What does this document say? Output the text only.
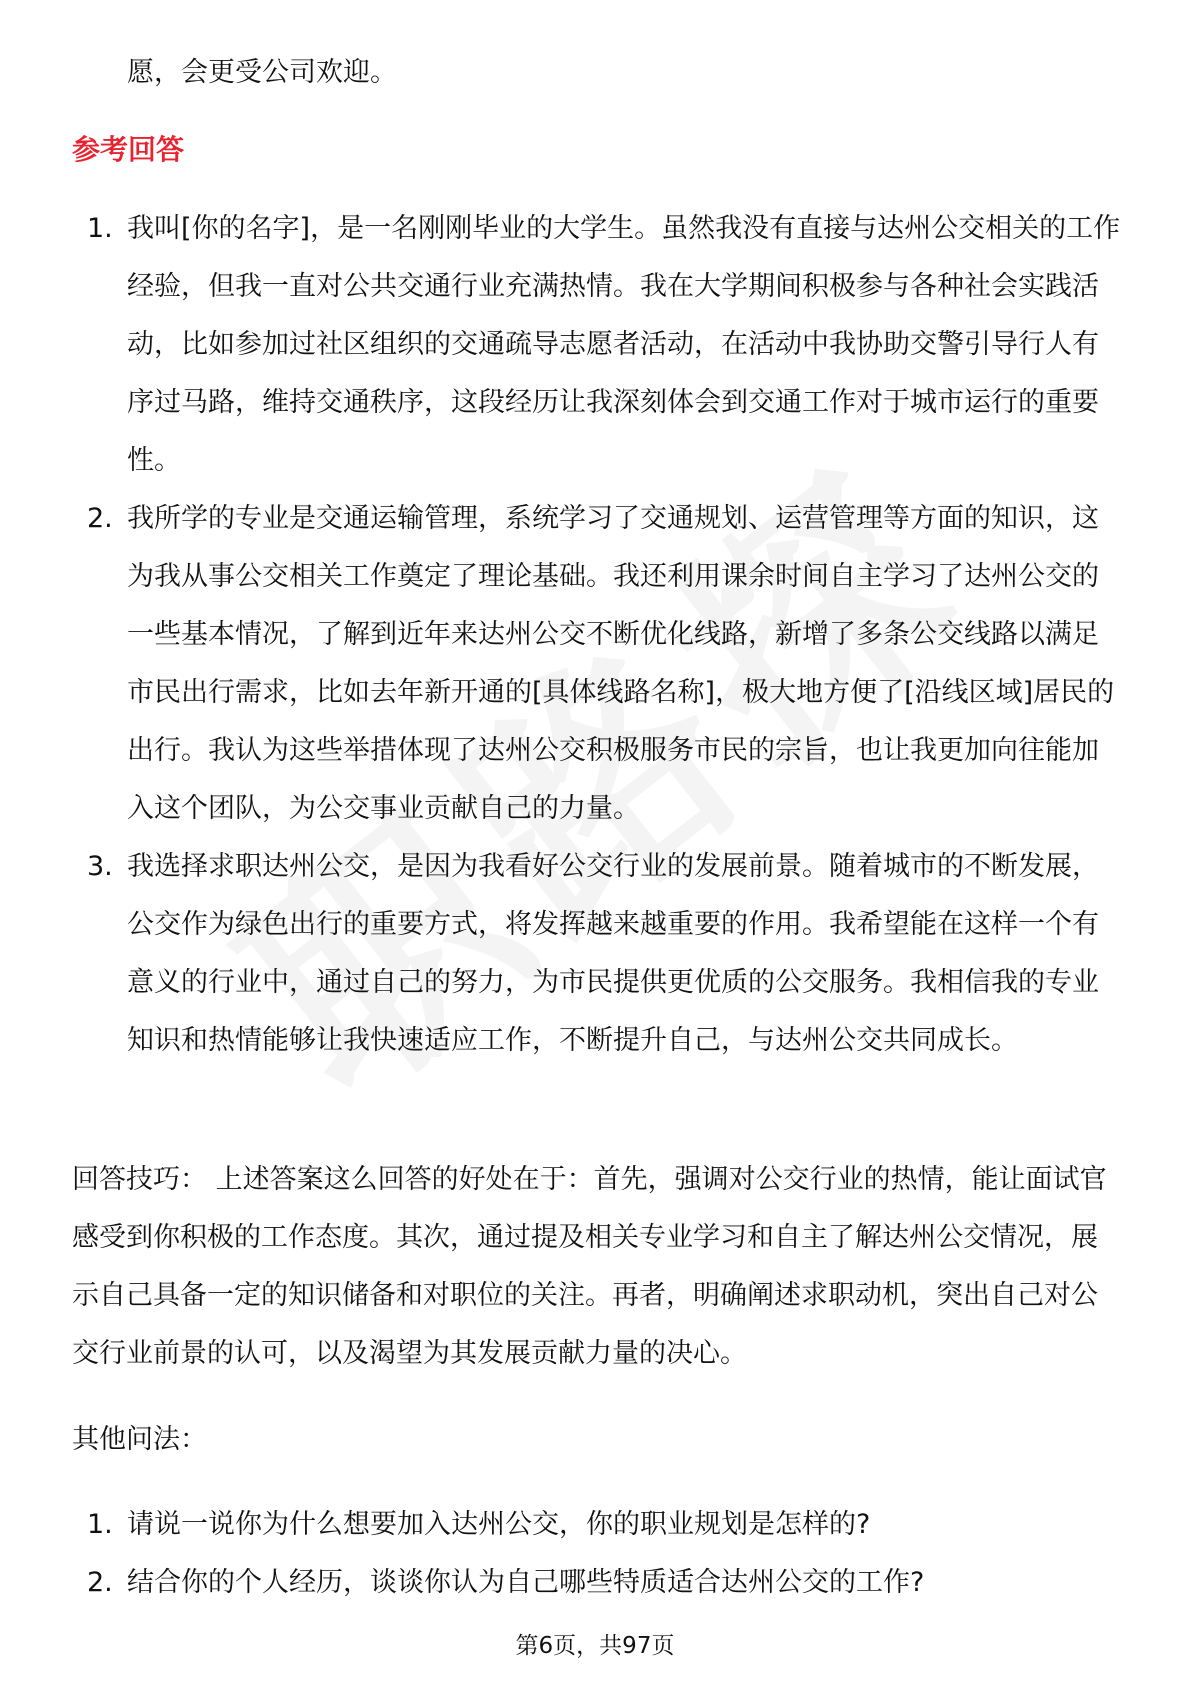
愿，会更受公司欢迎。
参考回答
1. 我叫[你的名字]，是一名刚刚毕业的大学生。虽然我没有直接与达州公交相关的工作经验，但我一直对公共交通行业充满热情。我在大学期间积极参与各种社会实践活动，比如参加过社区组织的交通疏导志愿者活动，在活动中我协助交警引导行人有序过马路，维持交通秩序，这段经历让我深刻体会到交通工作对于城市运行的重要性。
2. 我所学的专业是交通运输管理，系统学习了交通规划、运营管理等方面的知识，这为我从事公交相关工作奠定了理论基础。我还利用课余时间自主学习了达州公交的一些基本情况，了解到近年来达州公交不断优化线路，新增了多条公交线路以满足市民出行需求，比如去年新开通的[具体线路名称]，极大地方便了[沿线区域]居民的出行。我认为这些举措体现了达州公交积极服务市民的宗旨，也让我更加向往能加入这个团队，为公交事业贡献自己的力量。
3. 我选择求职达州公交，是因为我看好公交行业的发展前景。随着城市的不断发展，公交作为绿色出行的重要方式，将发挥越来越重要的作用。我希望能在这样一个有意义的行业中，通过自己的努力，为市民提供更优质的公交服务。我相信我的专业知识和热情能够让我快速适应工作，不断提升自己，与达州公交共同成长。
回答技巧： 上述答案这么回答的好处在于：首先，强调对公交行业的热情，能让面试官感受到你积极的工作态度。其次，通过提及相关专业学习和自主了解达州公交情况，展示自己具备一定的知识储备和对职位的关注。再者，明确阐述求职动机，突出自己对公交行业前景的认可，以及渴望为其发展贡献力量的决心。
其他问法：
1. 请说一说你为什么想要加入达州公交，你的职业规划是怎样的?
2. 结合你的个人经历，谈谈你认为自己哪些特质适合达州公交的工作?
第6页，共97页
